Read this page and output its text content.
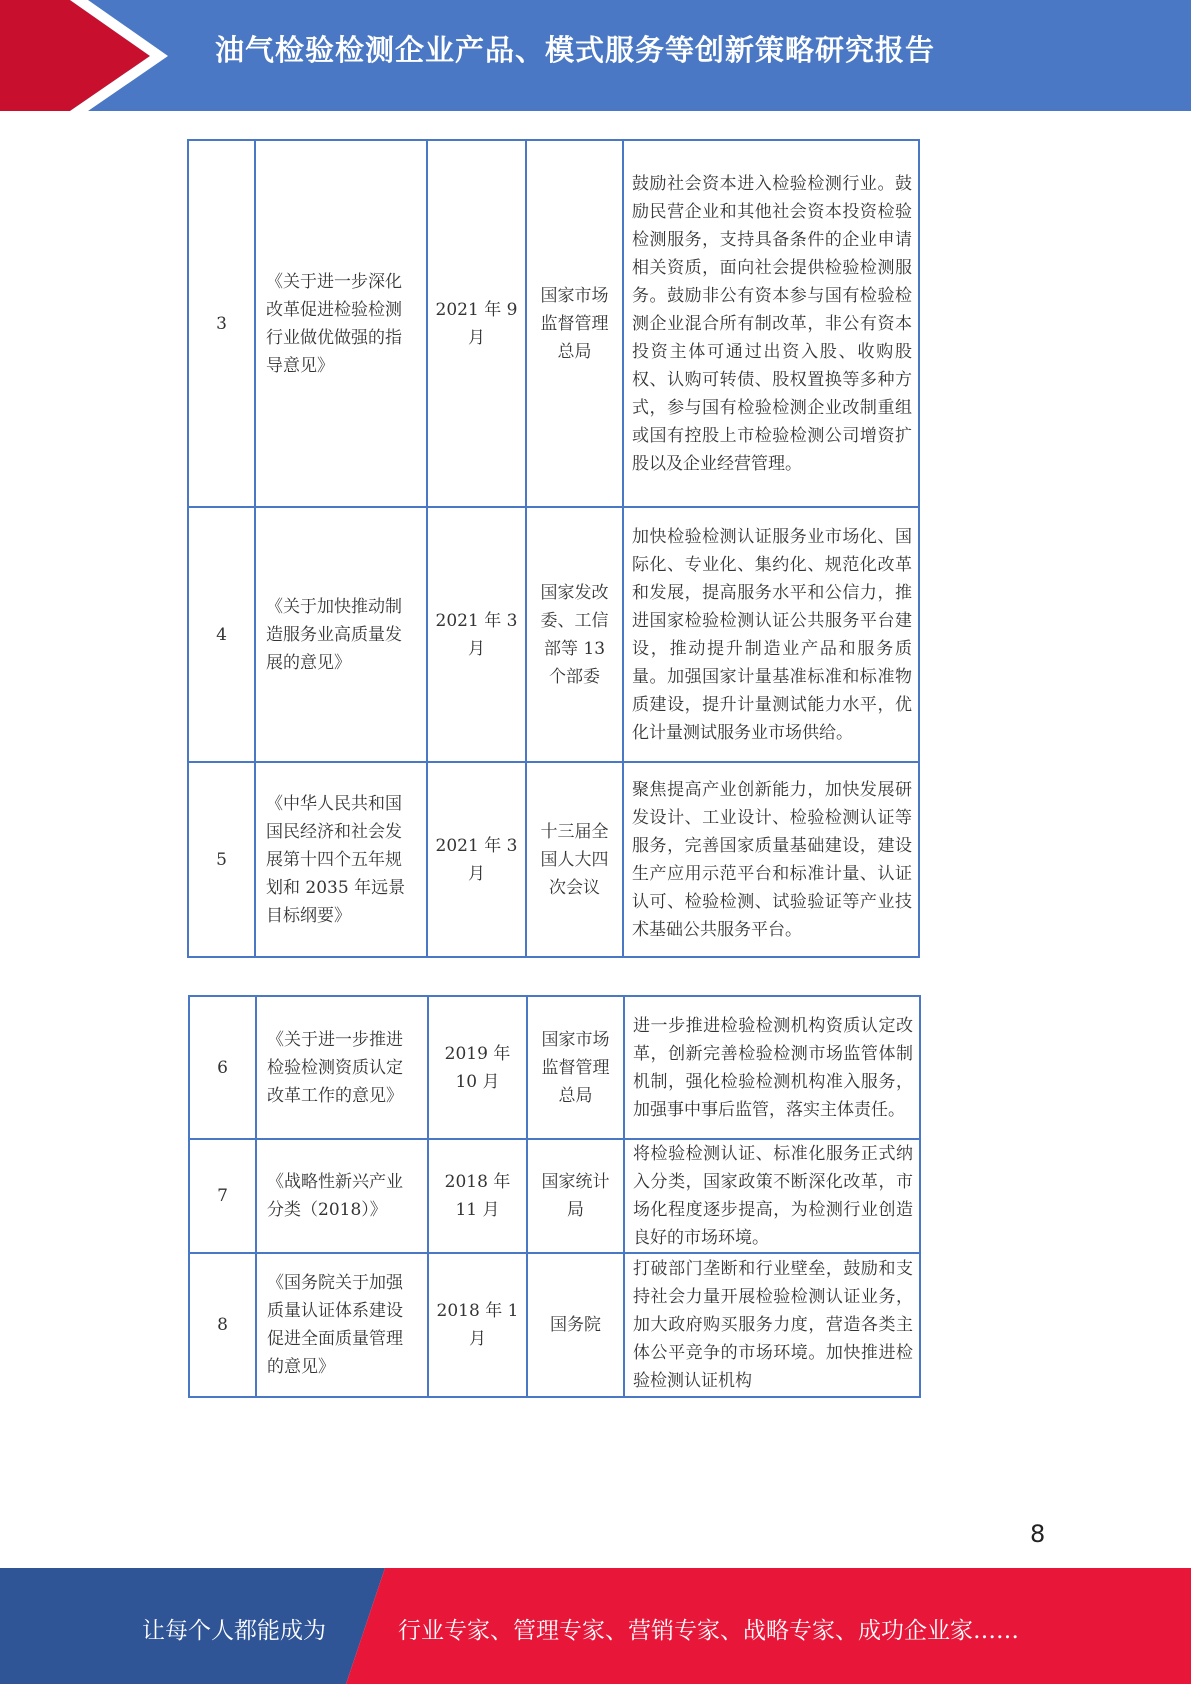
油气检验检测企业产品、模式服务等创新策略研究报告
3	《关于进一步深化改革促进检验检测行业做优做强的指导意见》	2021 年 9 月	国家市场监督管理总局	鼓励社会资本进入检验检测行业。鼓励民营企业和其他社会资本投资检验检测服务，支持具备条件的企业申请相关资质，面向社会提供检验检测服务。鼓励非公有资本参与国有检验检测企业混合所有制改革，非公有资本投资主体可通过出资入股、收购股权、认购可转债、股权置换等多种方式，参与国有检验检测企业改制重组或国有控股上市检验检测公司增资扩股以及企业经营管理。
4	《关于加快推动制造服务业高质量发展的意见》	2021 年 3 月	国家发改委、工信部等 13 个部委	加快检验检测认证服务业市场化、国际化、专业化、集约化、规范化改革和发展，提高服务水平和公信力，推进国家检验检测认证公共服务平台建设，推动提升制造业产品和服务质量。加强国家计量基准标准和标准物质建设，提升计量测试能力水平，优化计量测试服务业市场供给。
5	《中华人民共和国国民经济和社会发展第十四个五年规划和 2035 年远景目标纲要》	2021 年 3 月	十三届全国人大四次会议	聚焦提高产业创新能力，加快发展研发设计、工业设计、检验检测认证等服务，完善国家质量基础建设，建设生产应用示范平台和标准计量、认证认可、检验检测、试验验证等产业技术基础公共服务平台。
6	《关于进一步推进检验检测资质认定改革工作的意见》	2019 年 10 月	国家市场监督管理总局	进一步推进检验检测机构资质认定改革，创新完善检验检测市场监管体制机制，强化检验检测机构准入服务，加强事中事后监管，落实主体责任。
7	《战略性新兴产业分类（2018）》	2018 年 11 月	国家统计局	将检验检测认证、标准化服务正式纳入分类，国家政策不断深化改革，市场化程度逐步提高，为检测行业创造良好的市场环境。
8	《国务院关于加强质量认证体系建设促进全面质量管理的意见》	2018 年 1 月	国务院	打破部门垄断和行业壁垒，鼓励和支持社会力量开展检验检测认证业务，加大政府购买服务力度，营造各类主体公平竞争的市场环境。加快推进检验检测认证机构
8
让每个人都能成为	行业专家、管理专家、营销专家、战略专家、成功企业家……
